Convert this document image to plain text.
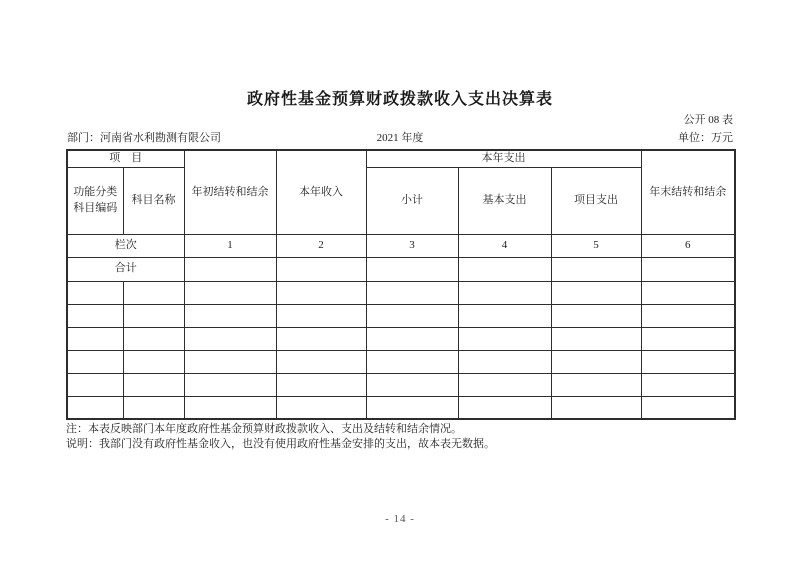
政府性基金预算财政拨款收入支出决算表
公开 08 表
部门：河南省水利勘测有限公司	2021 年度	单位：万元
项　目		年初结转和结余	本年收入	本年支出			年末结转和结余
功能分类
科目编码	科目名称			小计	基本支出	项目支出	
栏次		1	2	3	4	5	6
合计							

注：本表反映部门本年度政府性基金预算财政拨款收入、支出及结转和结余情况。
说明：我部门没有政府性基金收入，也没有使用政府性基金安排的支出，故本表无数据。
- 14 -
